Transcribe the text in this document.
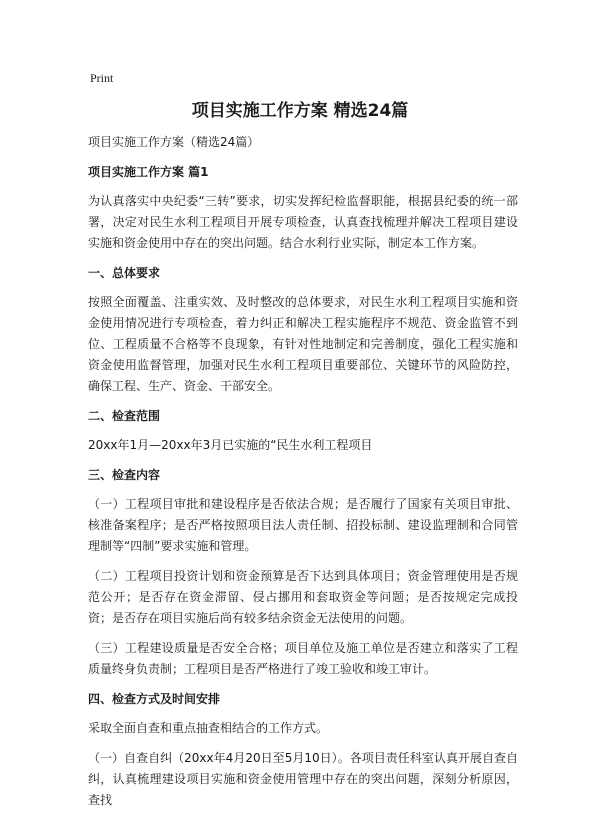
Print
项目实施工作方案 精选24篇

项目实施工作方案（精选24篇）

项目实施工作方案 篇1

为认真落实中央纪委“三转”要求，切实发挥纪检监督职能，根据县纪委的统一部署，决定对民生水利工程项目开展专项检查，认真查找梳理并解决工程项目建设实施和资金使用中存在的突出问题。结合水利行业实际，制定本工作方案。

一、总体要求

按照全面覆盖、注重实效、及时整改的总体要求，对民生水利工程项目实施和资金使用情况进行专项检查，着力纠正和解决工程实施程序不规范、资金监管不到位、工程质量不合格等不良现象，有针对性地制定和完善制度，强化工程实施和资金使用监督管理，加强对民生水利工程项目重要部位、关键环节的风险防控，确保工程、生产、资金、干部安全。

二、检查范围

20xx年1月—20xx年3月已实施的“民生水利工程项目

三、检查内容

（一）工程项目审批和建设程序是否依法合规；是否履行了国家有关项目审批、核准备案程序；是否严格按照项目法人责任制、招投标制、建设监理制和合同管理制等“四制”要求实施和管理。

（二）工程项目投资计划和资金预算是否下达到具体项目；资金管理使用是否规范公开；是否存在资金滞留、侵占挪用和套取资金等问题；是否按规定完成投资；是否存在项目实施后尚有较多结余资金无法使用的问题。

（三）工程建设质量是否安全合格；项目单位及施工单位是否建立和落实了工程质量终身负责制；工程项目是否严格进行了竣工验收和竣工审计。

四、检查方式及时间安排

采取全面自查和重点抽查相结合的工作方式。

（一）自查自纠（20xx年4月20日至5月10日）。各项目责任科室认真开展自查自纠，认真梳理建设项目实施和资金使用管理中存在的突出问题，深刻分析原因，查找
